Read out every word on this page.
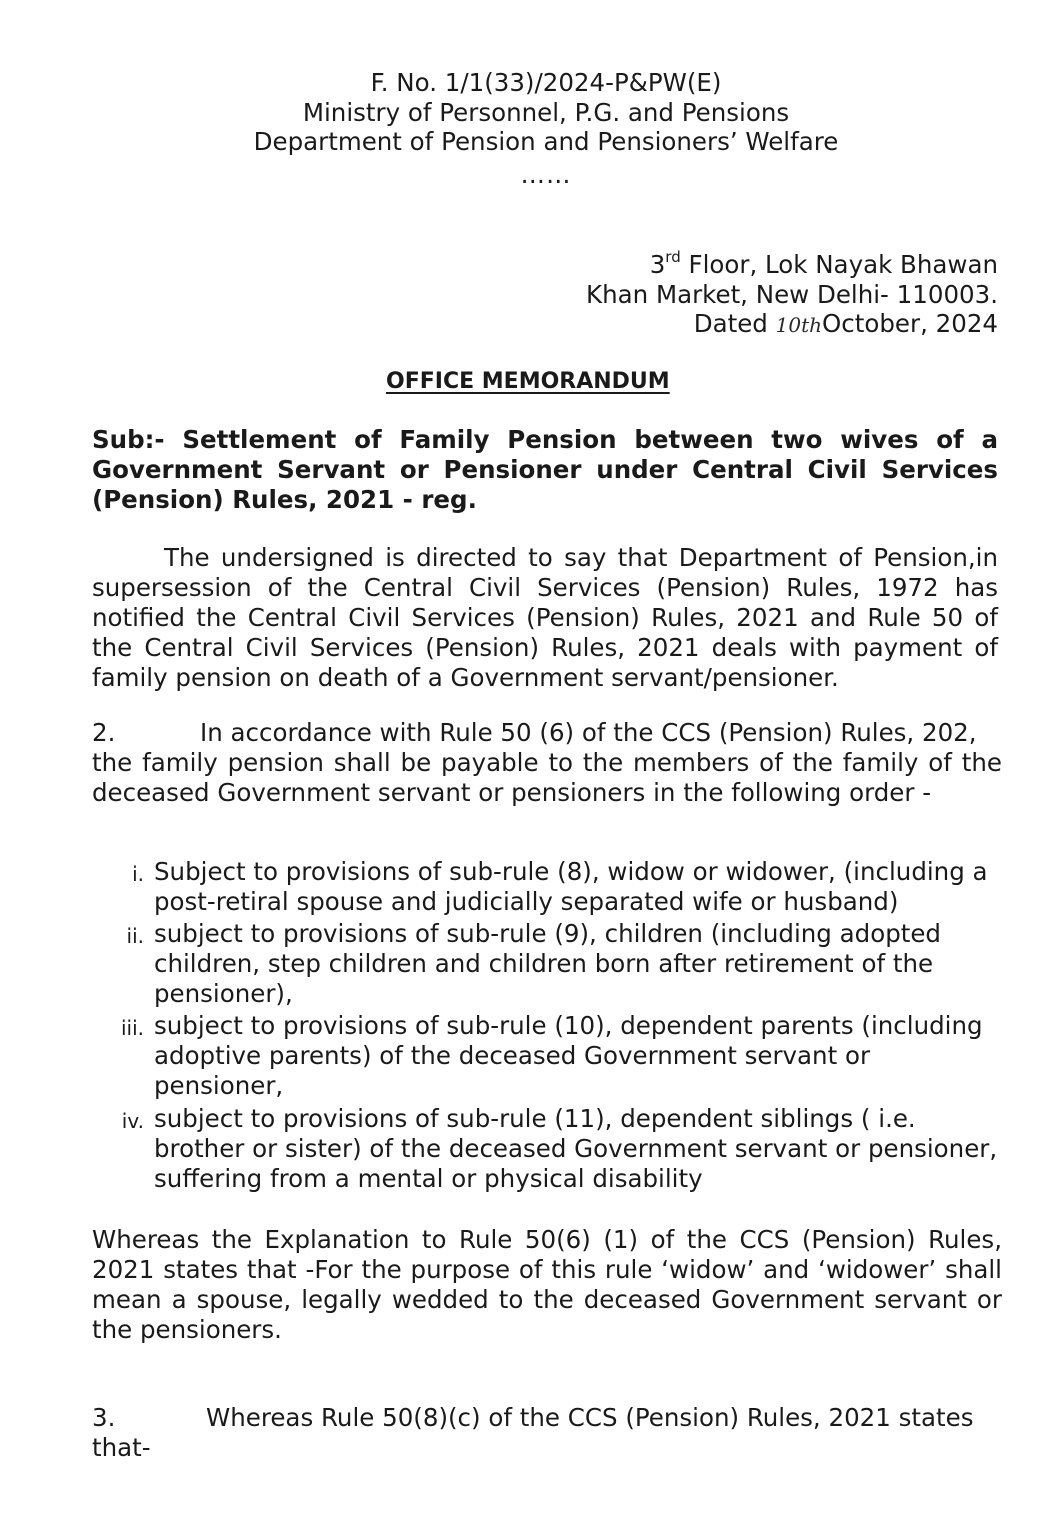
F. No. 1/1(33)/2024-P&PW(E)
Ministry of Personnel, P.G. and Pensions
Department of Pension and Pensioners’ Welfare
……
3rd Floor, Lok Nayak Bhawan
Khan Market, New Delhi- 110003.
Dated 10thOctober, 2024
OFFICE MEMORANDUM
Sub:- Settlement of Family Pension between two wives of a Government Servant or Pensioner under Central Civil Services (Pension) Rules, 2021 - reg.
The undersigned is directed to say that Department of Pension,in supersession of the Central Civil Services (Pension) Rules, 1972 has notified the Central Civil Services (Pension) Rules, 2021 and Rule 50 of the Central Civil Services (Pension) Rules, 2021 deals with payment of family pension on death of a Government servant/pensioner.
2.	In accordance with Rule 50 (6) of the CCS (Pension) Rules, 202,
the family pension shall be payable to the members of the family of the deceased Government servant or pensioners in the following order -
i. Subject to provisions of sub-rule (8), widow or widower, (including a
post-retiral spouse and judicially separated wife or husband)
ii. subject to provisions of sub-rule (9), children (including adopted
children, step children and children born after retirement of the
pensioner),
iii. subject to provisions of sub-rule (10), dependent parents (including
adoptive parents) of the deceased Government servant or
pensioner,
iv. subject to provisions of sub-rule (11), dependent siblings ( i.e.
brother or sister) of the deceased Government servant or pensioner,
suffering from a mental or physical disability
Whereas the Explanation to Rule 50(6) (1) of the CCS (Pension) Rules, 2021 states that -For the purpose of this rule ‘widow’ and ‘widower’ shall mean a spouse, legally wedded to the deceased Government servant or the pensioners.
3.	Whereas Rule 50(8)(c) of the CCS (Pension) Rules, 2021 states
that-
